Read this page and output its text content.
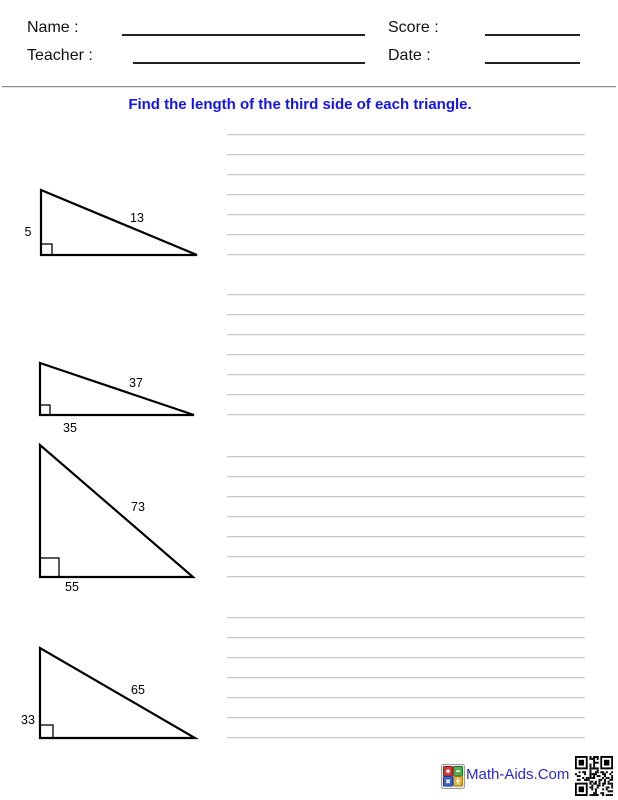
Name :	Score :
Teacher :	Date :
Find the length of the third side of each triangle.
5
13
37
35
73
55
65
33
Math-Aids.Com
